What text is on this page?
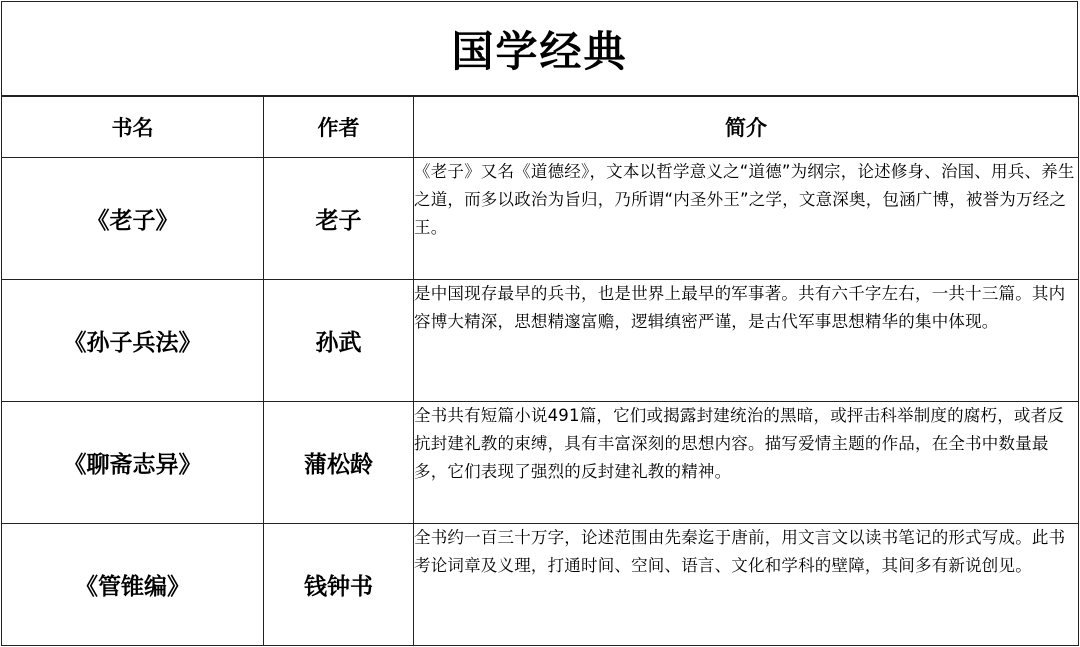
国学经典
书名	作者	简介
《老子》	老子	《老子》又名《道德经》，文本以哲学意义之“道德”为纲宗，论述修身、治国、用兵、养生之道，而多以政治为旨归，乃所谓“内圣外王”之学，文意深奥，包涵广博，被誉为万经之王。
《孙子兵法》	孙武	是中国现存最早的兵书，也是世界上最早的军事著。共有六千字左右，一共十三篇。其内容博大精深，思想精邃富赡，逻辑缜密严谨，是古代军事思想精华的集中体现。
《聊斋志异》	蒲松龄	全书共有短篇小说491篇，它们或揭露封建统治的黑暗，或抨击科举制度的腐朽，或者反抗封建礼教的束缚，具有丰富深刻的思想内容。描写爱情主题的作品，在全书中数量最多，它们表现了强烈的反封建礼教的精神。
《管锥编》	钱钟书	全书约一百三十万字，论述范围由先秦迄于唐前，用文言文以读书笔记的形式写成。此书考论词章及义理，打通时间、空间、语言、文化和学科的壁障，其间多有新说创见。
